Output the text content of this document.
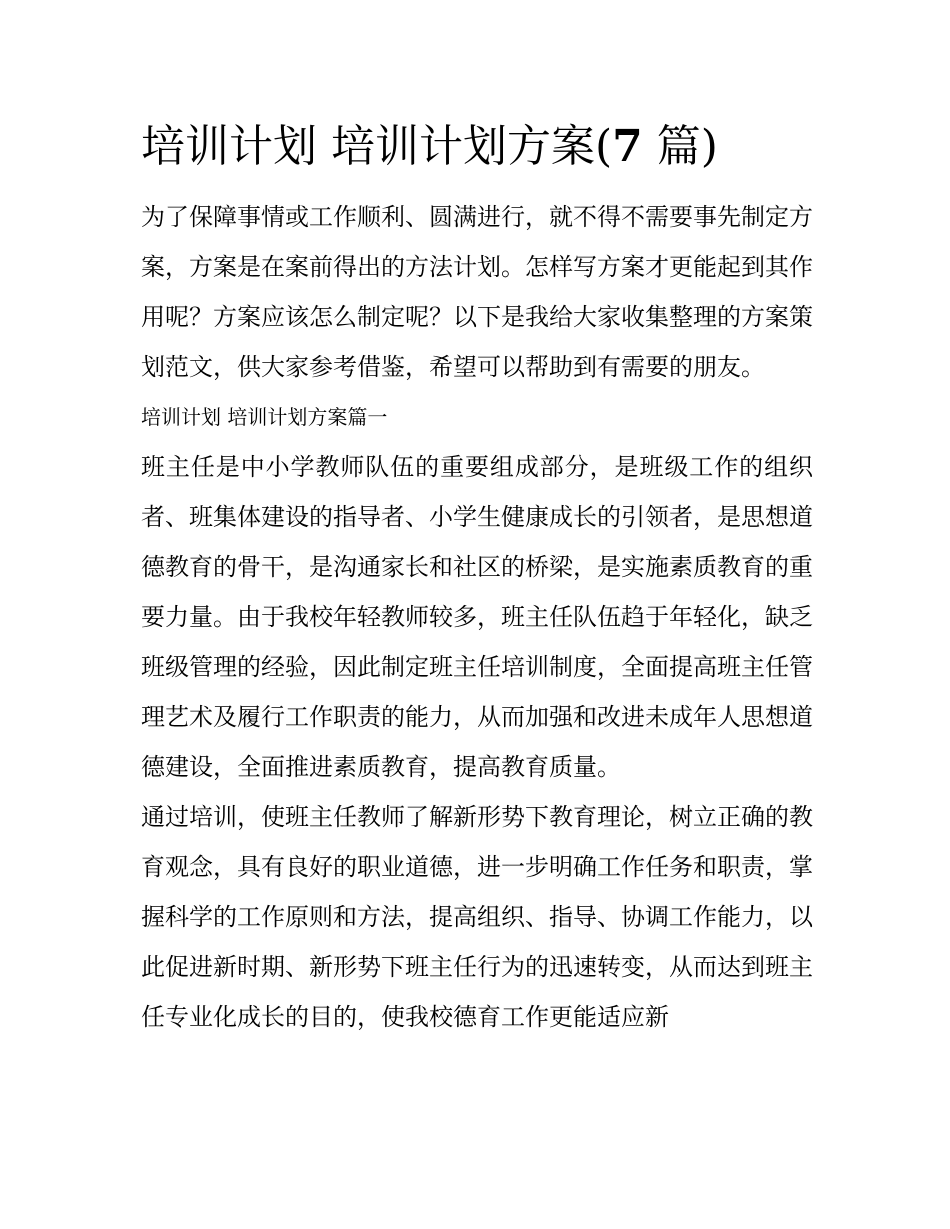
培训计划 培训计划方案(7 篇)

为了保障事情或工作顺利、圆满进行，就不得不需要事先制定方案，方案是在案前得出的方法计划。怎样写方案才更能起到其作用呢？方案应该怎么制定呢？以下是我给大家收集整理的方案策划范文，供大家参考借鉴，希望可以帮助到有需要的朋友。

培训计划 培训计划方案篇一

班主任是中小学教师队伍的重要组成部分，是班级工作的组织者、班集体建设的指导者、小学生健康成长的引领者，是思想道德教育的骨干，是沟通家长和社区的桥梁，是实施素质教育的重要力量。由于我校年轻教师较多，班主任队伍趋于年轻化，缺乏班级管理的经验，因此制定班主任培训制度，全面提高班主任管理艺术及履行工作职责的能力，从而加强和改进未成年人思想道德建设，全面推进素质教育，提高教育质量。

通过培训，使班主任教师了解新形势下教育理论，树立正确的教育观念，具有良好的职业道德，进一步明确工作任务和职责，掌握科学的工作原则和方法，提高组织、指导、协调工作能力，以此促进新时期、新形势下班主任行为的迅速转变，从而达到班主任专业化成长的目的，使我校德育工作更能适应新
